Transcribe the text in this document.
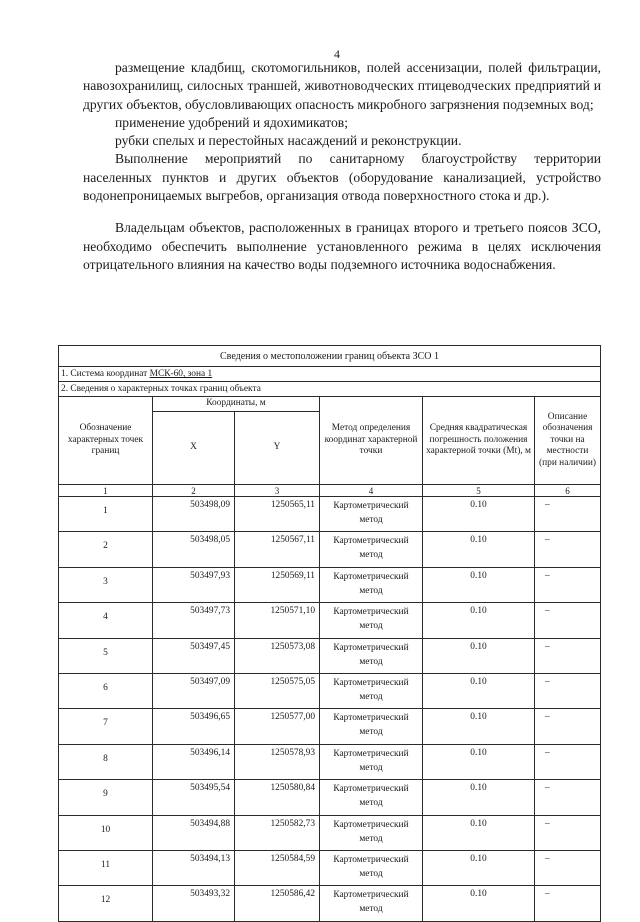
4

размещение кладбищ, скотомогильников, полей ассенизации, полей фильтрации, навозохранилищ, силосных траншей, животноводческих птицеводческих предприятий и других объектов, обусловливающих опасность микробного загрязнения подземных вод;

применение удобрений и ядохимикатов;

рубки спелых и перестойных насаждений и реконструкции.

Выполнение мероприятий по санитарному благоустройству территории населенных пунктов и других объектов (оборудование канализацией, устройство водонепроницаемых выгребов, организация отвода поверхностного стока и др.).

Владельцам объектов, расположенных в границах второго и третьего поясов ЗСО, необходимо обеспечить выполнение установленного режима в целях исключения отрицательного влияния на качество воды подземного источника водоснабжения.

Сведения о местоположении границ объекта ЗСО 1					
1. Система координат МСК-60, зона 1					
2. Сведения о характерных точках границ объекта					
Обозначение характерных точек границ	Координаты, м		Метод определения координат характерной точки	Средняя квадратическая погрешность положения характерной точки (Mt), м	Описание обозначения точки на местности (при наличии)
	X	Y			
1	2	3	4	5	6
1	503498,09	1250565,11	Картометрический метод	0.10	–
2	503498,05	1250567,11	Картометрический метод	0.10	–
3	503497,93	1250569,11	Картометрический метод	0.10	–
4	503497,73	1250571,10	Картометрический метод	0.10	–
5	503497,45	1250573,08	Картометрический метод	0.10	–
6	503497,09	1250575,05	Картометрический метод	0.10	–
7	503496,65	1250577,00	Картометрический метод	0.10	–
8	503496,14	1250578,93	Картометрический метод	0.10	–
9	503495,54	1250580,84	Картометрический метод	0.10	–
10	503494,88	1250582,73	Картометрический метод	0.10	–
11	503494,13	1250584,59	Картометрический метод	0.10	–
12	503493,32	1250586,42	Картометрический метод	0.10	–
